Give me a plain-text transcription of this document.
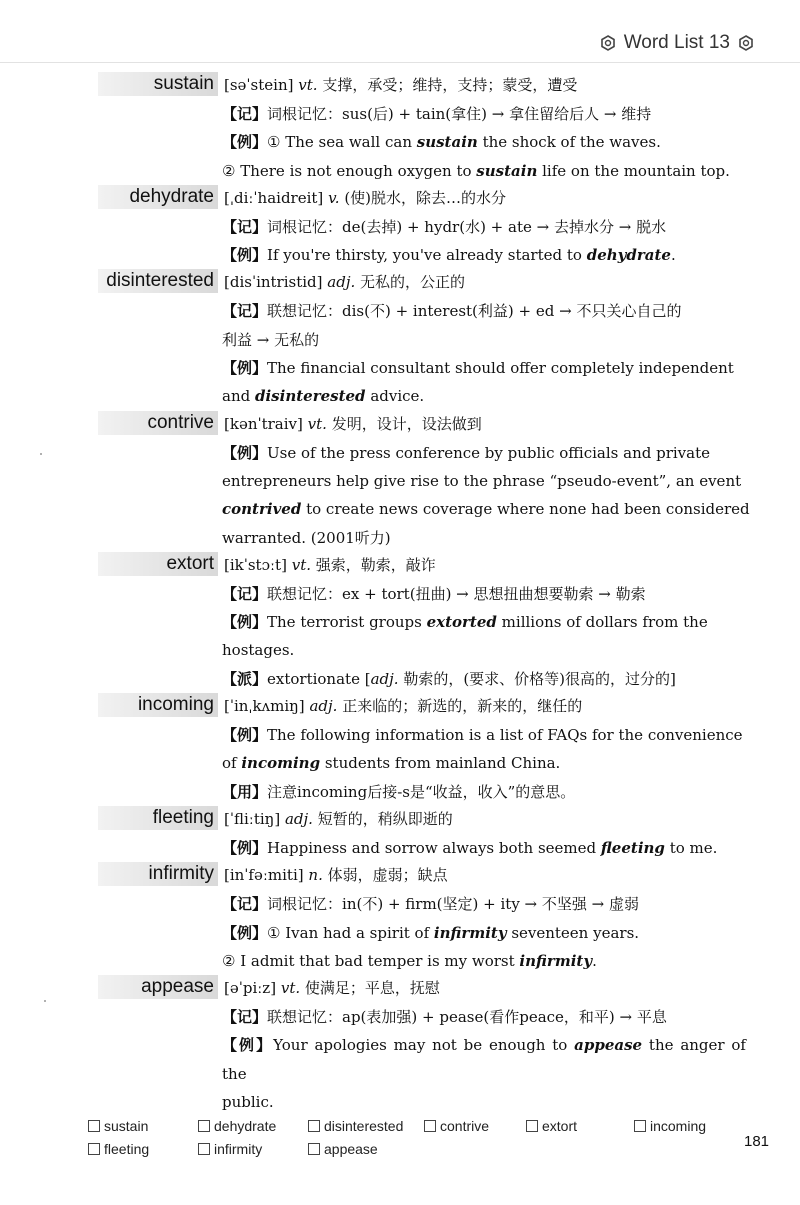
Word List 13
sustain [səˈstein] vt. 支撑，承受；维持，支持；蒙受，遭受
【记】词根记忆：sus(后) + tain(拿住) → 拿住留给后人 → 维持
【例】① The sea wall can sustain the shock of the waves.
② There is not enough oxygen to sustain life on the mountain top.
dehydrate [ˌdiːˈhaidreit] v. (使)脱水，除去…的水分
【记】词根记忆：de(去掉) + hydr(水) + ate → 去掉水分 → 脱水
【例】If you're thirsty, you've already started to dehydrate.
disinterested [disˈintristid] adj. 无私的，公正的
【记】联想记忆：dis(不) + interest(利益) + ed → 不只关心自己的
利益 → 无私的
【例】The financial consultant should offer completely independent
and disinterested advice.
contrive [kənˈtraiv] vt. 发明，设计，设法做到
【例】Use of the press conference by public officials and private
entrepreneurs help give rise to the phrase “pseudo-event”, an event
contrived to create news coverage where none had been considered
warranted. (2001听力)
extort [ikˈstɔːt] vt. 强索，勒索，敲诈
【记】联想记忆：ex + tort(扭曲) → 思想扭曲想要勒索 → 勒索
【例】The terrorist groups extorted millions of dollars from the
hostages.
【派】extortionate [adj. 勒索的，(要求、价格等)很高的，过分的]
incoming [ˈinˌkʌmiŋ] adj. 正来临的；新选的，新来的，继任的
【例】The following information is a list of FAQs for the convenience
of incoming students from mainland China.
【用】注意incoming后接-s是“收益，收入”的意思。
fleeting [ˈfliːtiŋ] adj. 短暂的，稍纵即逝的
【例】Happiness and sorrow always both seemed fleeting to me.
infirmity [inˈfəːmiti] n. 体弱，虚弱；缺点
【记】词根记忆：in(不) + firm(坚定) + ity → 不坚强 → 虚弱
【例】① Ivan had a spirit of infirmity seventeen years.
② I admit that bad temper is my worst infirmity.
appease [əˈpiːz] vt. 使满足；平息，抚慰
【记】联想记忆：ap(表加强) + pease(看作peace，和平) → 平息
【例】Your apologies may not be enough to appease the anger of the
public.
sustain	dehydrate	disinterested	contrive	extort	incoming
fleeting	infirmity	appease	181
